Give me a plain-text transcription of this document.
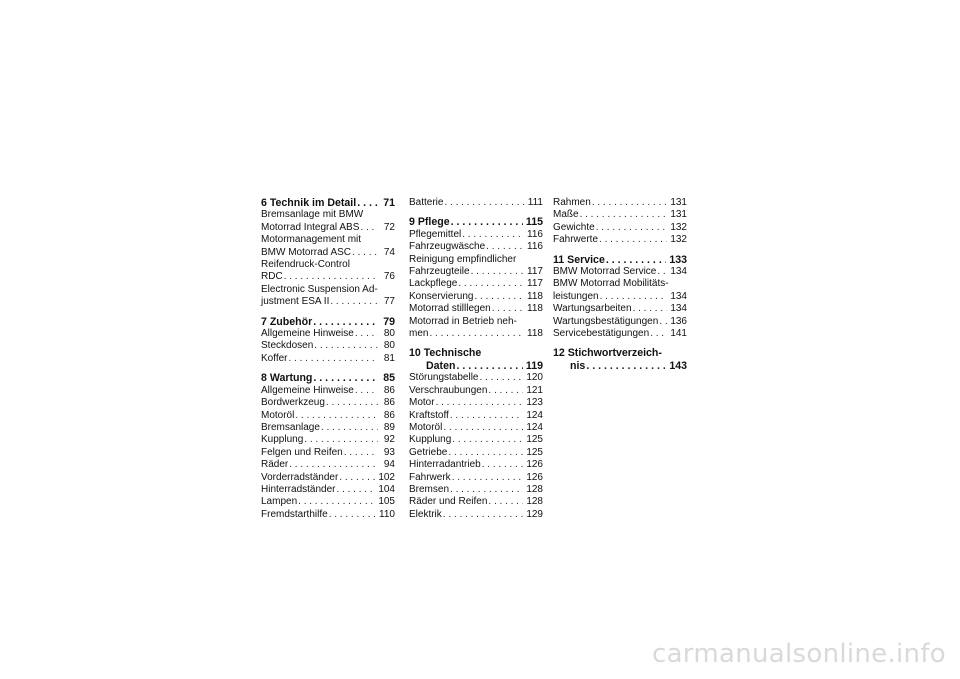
6 Technik im Detail . . .	71
Bremsanlage mit BMW
Motorrad Integral ABS . . . 72
Motormanagement mit
BMW Motorrad ASC . . .	74
Reifendruck-Control
RDC . . .	76
Electronic Suspension Ad-
justment ESA II . . .	77
7 Zubehör . . .	79
Allgemeine Hinweise . . .	80
Steckdosen . . .	80
Koffer . . .	81
8 Wartung . . .	85
Allgemeine Hinweise . . .	86
Bordwerkzeug . . .	86
Motoröl . . .	86
Bremsanlage . . .	89
Kupplung . . .	92
Felgen und Reifen . . .	93
Räder . . .	94
Vorderradständer . . .	102
Hinterradständer . . .	104
Lampen . . .	105
Fremdstarthilfe . . .	110
Batterie . . .	111
9 Pflege . . .	115
Pflegemittel . . .	116
Fahrzeugwäsche . . .	116
Reinigung empfindlicher
Fahrzeugteile . . .	117
Lackpflege . . .	117
Konservierung . . .	118
Motorrad stilllegen . . .	118
Motorrad in Betrieb neh-
men . . .	118
10 Technische
Daten . . .	119
Störungstabelle . . .	120
Verschraubungen . . .	121
Motor . . .	123
Kraftstoff . . .	124
Motoröl . . .	124
Kupplung . . .	125
Getriebe . . .	125
Hinterradantrieb . . .	126
Fahrwerk . . .	126
Bremsen . . .	128
Räder und Reifen . . .	128
Elektrik . . .	129
Rahmen . . .	131
Maße . . .	131
Gewichte . . .	132
Fahrwerte . . .	132
11 Service . . .	133
BMW Motorrad Service . . . 134
BMW Motorrad Mobilitäts-
leistungen . . .	134
Wartungsarbeiten . . .	134
Wartungsbestätigungen . . . 136
Servicebestätigungen . . . 141
12 Stichwortverzeich-
nis . . .	143
carmanualsonline.info
